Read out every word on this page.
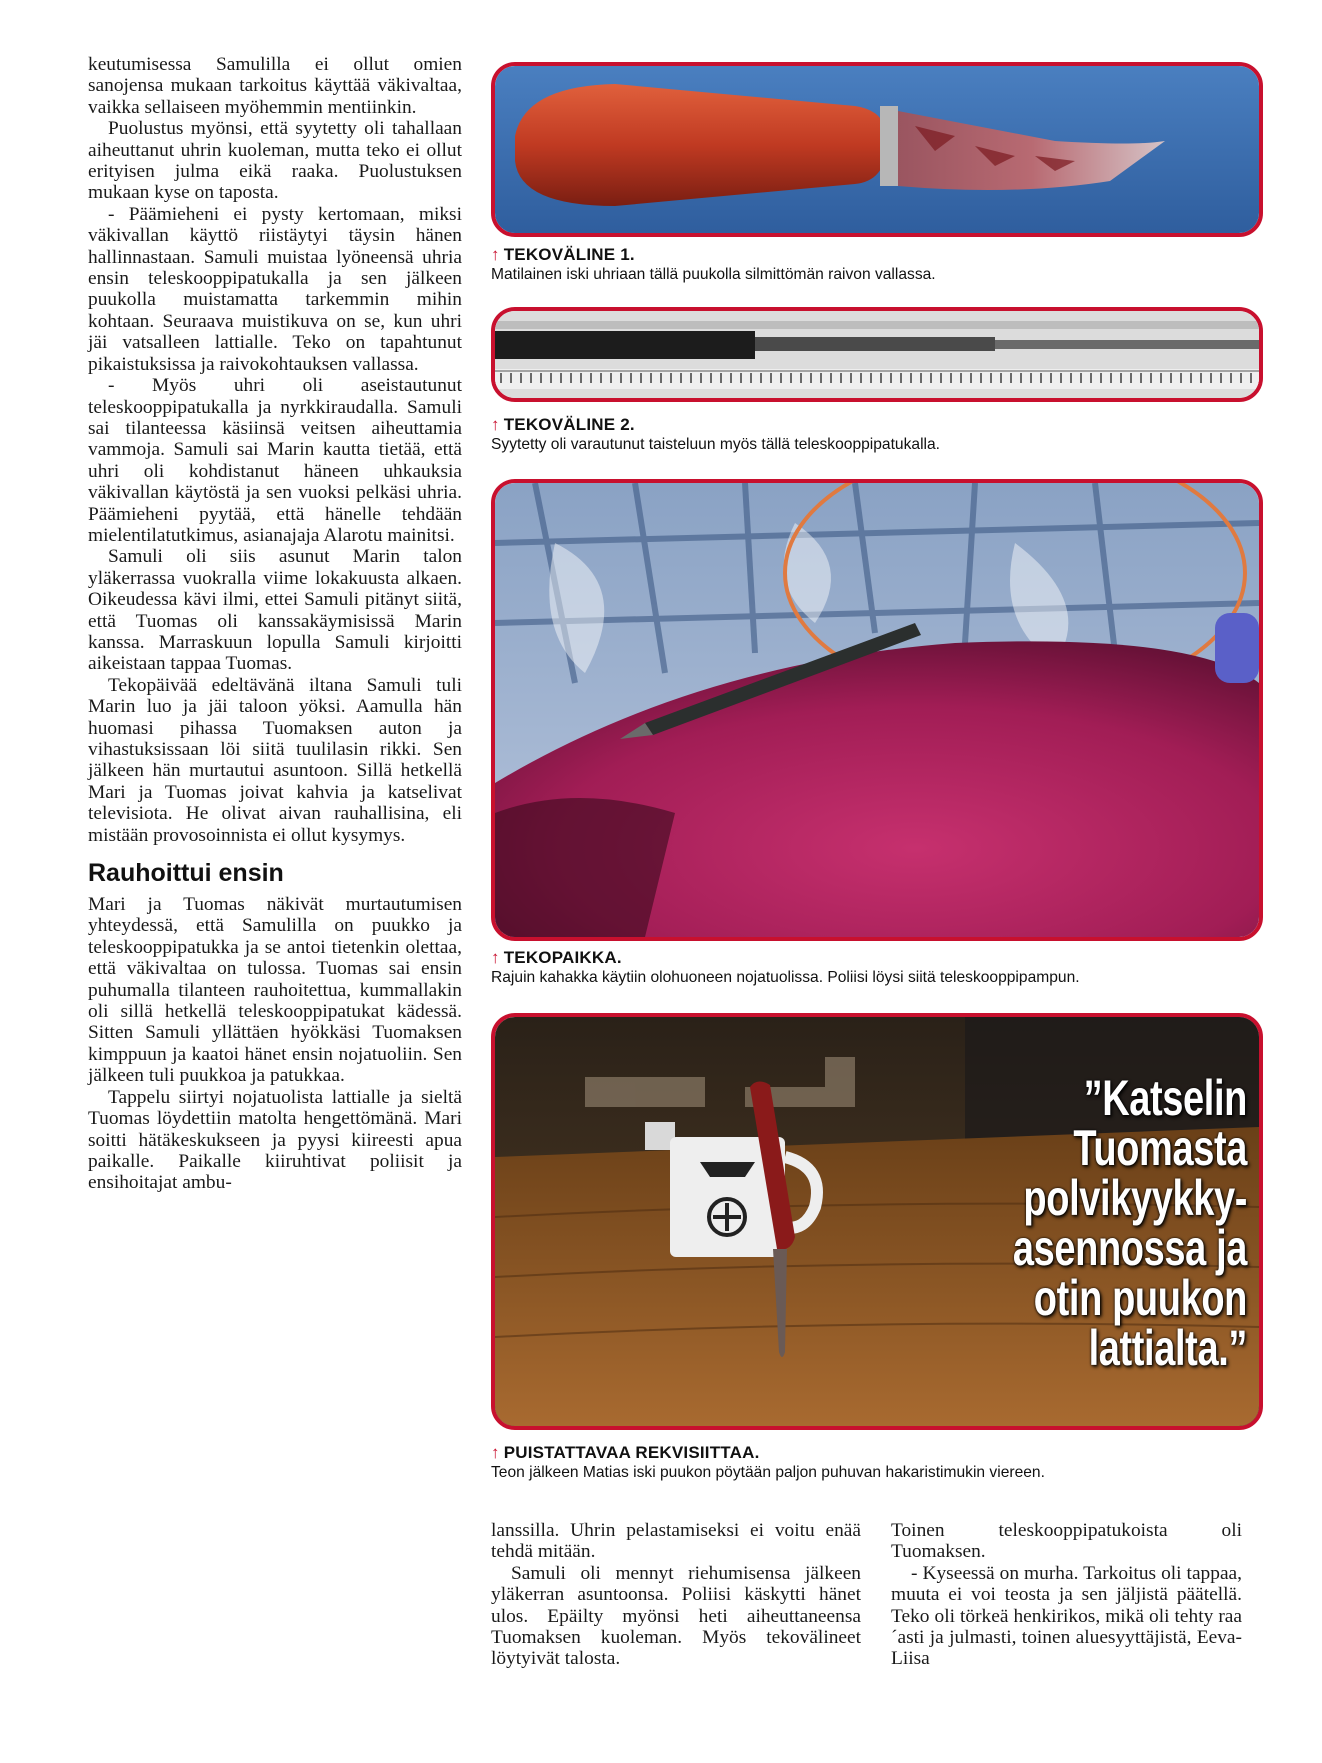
keutumisessa Samulilla ei ollut omien sanojensa mukaan tarkoitus käyttää väkivaltaa, vaikka sellaiseen myöhemmin mentiinkin.

Puolustus myönsi, että syytetty oli tahallaan aiheuttanut uhrin kuoleman, mutta teko ei ollut erityisen julma eikä raaka. Puolustuksen mukaan kyse on taposta.

- Päämieheni ei pysty kertomaan, miksi väkivallan käyttö riistäytyi täysin hänen hallinnastaan. Samuli muistaa lyöneensä uhria ensin teleskooppipatukalla ja sen jälkeen puukolla muistamatta tarkemmin mihin kohtaan. Seuraava muistikuva on se, kun uhri jäi vatsalleen lattialle. Teko on tapahtunut pikaistuksissa ja raivokohtauksen vallassa.

- Myös uhri oli aseistautunut teleskooppipatukalla ja nyrkkiraudalla. Samuli sai tilanteessa käsiinsä veitsen aiheuttamia vammoja. Samuli sai Marin kautta tietää, että uhri oli kohdistanut häneen uhkauksia väkivallan käytöstä ja sen vuoksi pelkäsi uhria. Päämieheni pyytää, että hänelle tehdään mielentilatutkimus, asianajaja Alarotu mainitsi.

Samuli oli siis asunut Marin talon yläkerrassa vuokralla viime lokakuusta alkaen. Oikeudessa kävi ilmi, ettei Samuli pitänyt siitä, että Tuomas oli kanssakäymisissä Marin kanssa. Marraskuun lopulla Samuli kirjoitti aikeistaan tappaa Tuomas.

Tekopäivää edeltävänä iltana Samuli tuli Marin luo ja jäi taloon yöksi. Aamulla hän huomasi pihassa Tuomaksen auton ja vihastuksissaan löi siitä tuulilasin rikki. Sen jälkeen hän murtautui asuntoon. Sillä hetkellä Mari ja Tuomas joivat kahvia ja katselivat televisiota. He olivat aivan rauhallisina, eli mistään provosoinnista ei ollut kysymys.

Rauhoittui ensin

Mari ja Tuomas näkivät murtautumisen yhteydessä, että Samulilla on puukko ja teleskooppipatukka ja se antoi tietenkin olettaa, että väkivaltaa on tulossa. Tuomas sai ensin puhumalla tilanteen rauhoitettua, kummallakin oli sillä hetkellä teleskooppipatukat kädessä. Sitten Samuli yllättäen hyökkäsi Tuomaksen kimppuun ja kaatoi hänet ensin nojatuoliin. Sen jälkeen tuli puukkoa ja patukkaa.

Tappelu siirtyi nojatuolista lattialle ja sieltä Tuomas löydettiin matolta hengettömänä. Mari soitti hätäkeskukseen ja pyysi kiireesti apua paikalle. Paikalle kiiruhtivat poliisit ja ensihoitajat ambu-

↑ TEKOVÄLINE 1.
Matilainen iski uhriaan tällä puukolla silmittömän raivon vallassa.
↑ TEKOVÄLINE 2.
Syytetty oli varautunut taisteluun myös tällä teleskooppipatukalla.
↑ TEKOPAIKKA.
Rajuin kahakka käytiin olohuoneen nojatuolissa. Poliisi löysi siitä teleskooppipampun.
”Katselin
Tuomasta
polvikyykky-
asennossa ja
otin puukon
lattialta.”
↑ PUISTATTAVAA REKVISIITTAA.
Teon jälkeen Matias iski puukon pöytään paljon puhuvan hakaristimukin viereen.

lanssilla. Uhrin pelastamiseksi ei voitu enää tehdä mitään.

Samuli oli mennyt riehumisensa jälkeen yläkerran asuntoonsa. Poliisi käskytti hänet ulos. Epäilty myönsi heti aiheuttaneensa Tuomaksen kuoleman. Myös tekovälineet löytyivät talosta.

Toinen teleskooppipatukoista oli Tuomaksen.

- Kyseessä on murha. Tarkoitus oli tappaa, muuta ei voi teosta ja sen jäljistä päätellä. Teko oli törkeä henkirikos, mikä oli tehty raa´asti ja julmasti, toinen aluesyyttäjistä, Eeva-Liisa
